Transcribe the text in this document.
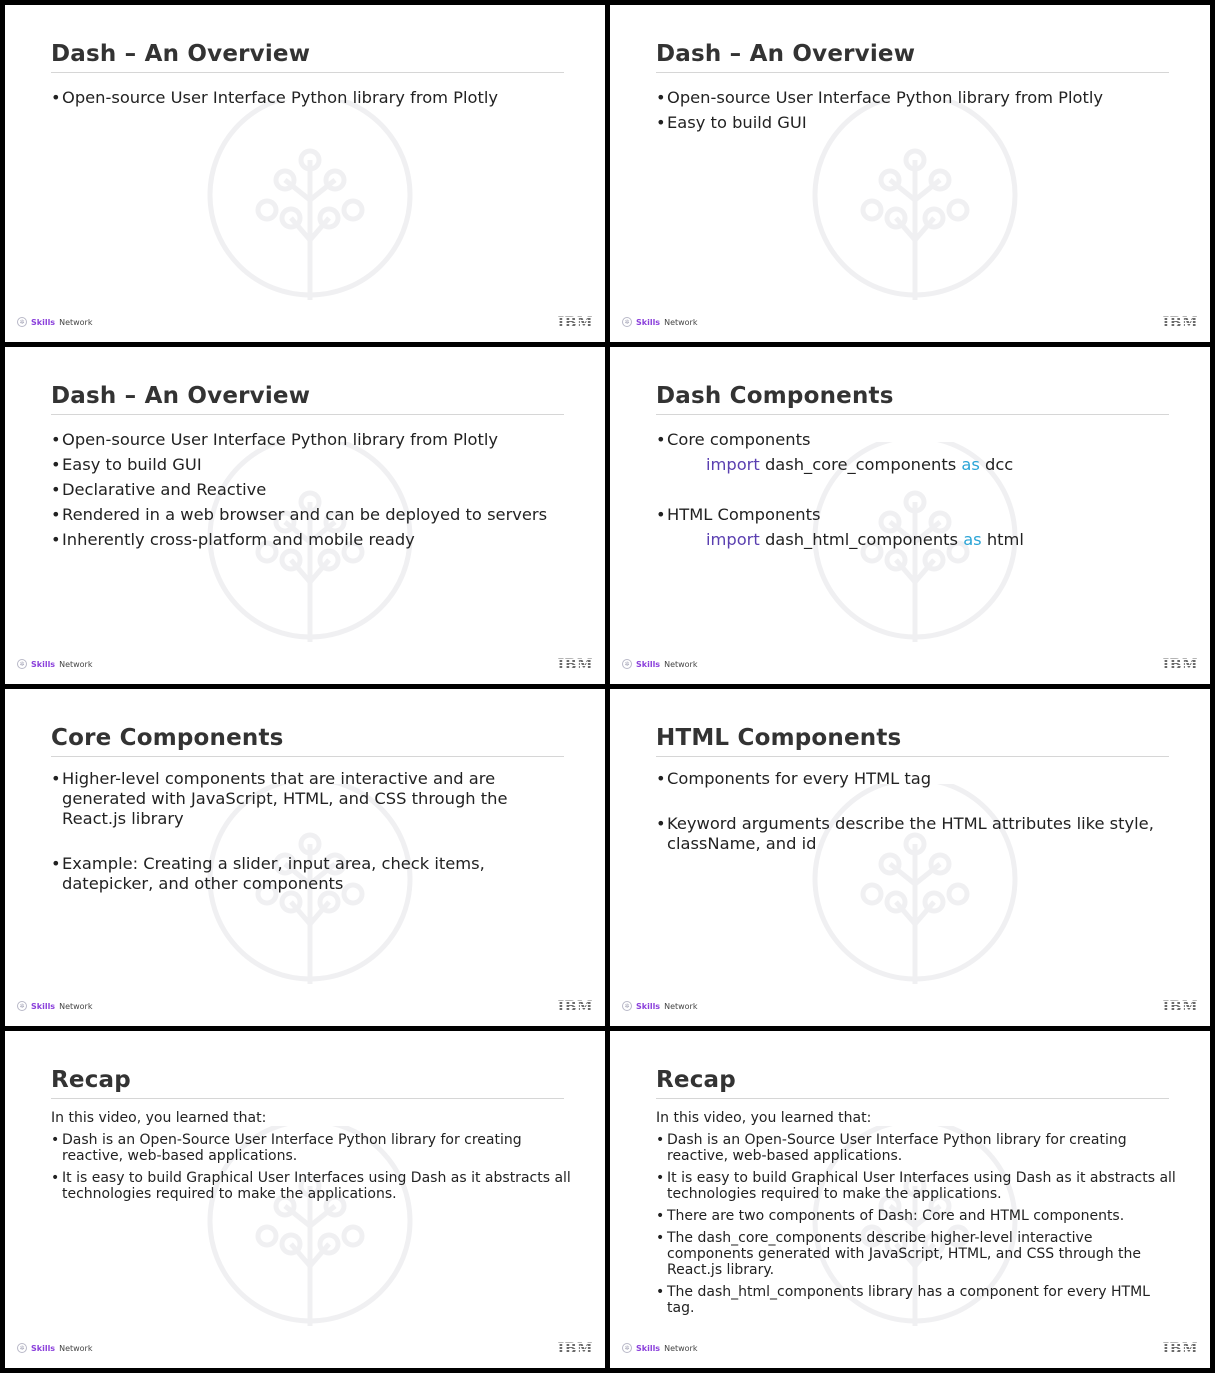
Dash – An Overview
• Open-source User Interface Python library from Plotly
✲ Skills Network	IBM
Dash – An Overview
• Open-source User Interface Python library from Plotly
• Easy to build GUI
✲ Skills Network	IBM
Dash – An Overview
• Open-source User Interface Python library from Plotly
• Easy to build GUI
• Declarative and Reactive
• Rendered in a web browser and can be deployed to servers
• Inherently cross-platform and mobile ready
✲ Skills Network	IBM
Dash Components
• Core components
import dash_core_components as dcc
• HTML Components
import dash_html_components as html
✲ Skills Network	IBM
Core Components
• Higher-level components that are interactive and are generated with JavaScript, HTML, and CSS through the React.js library
• Example: Creating a slider, input area, check items, datepicker, and other components
✲ Skills Network	IBM
HTML Components
• Components for every HTML tag
• Keyword arguments describe the HTML attributes like style, className, and id
✲ Skills Network	IBM
Recap

In this video, you learned that:

• Dash is an Open-Source User Interface Python library for creating reactive, web-based applications.
• It is easy to build Graphical User Interfaces using Dash as it abstracts all technologies required to make the applications.
✲ Skills Network	IBM
Recap

In this video, you learned that:

• Dash is an Open-Source User Interface Python library for creating reactive, web-based applications.
• It is easy to build Graphical User Interfaces using Dash as it abstracts all technologies required to make the applications.
• There are two components of Dash: Core and HTML components.
• The dash_core_components describe higher-level interactive components generated with JavaScript, HTML, and CSS through the React.js library.
• The dash_html_components library has a component for every HTML tag.
✲ Skills Network	IBM
